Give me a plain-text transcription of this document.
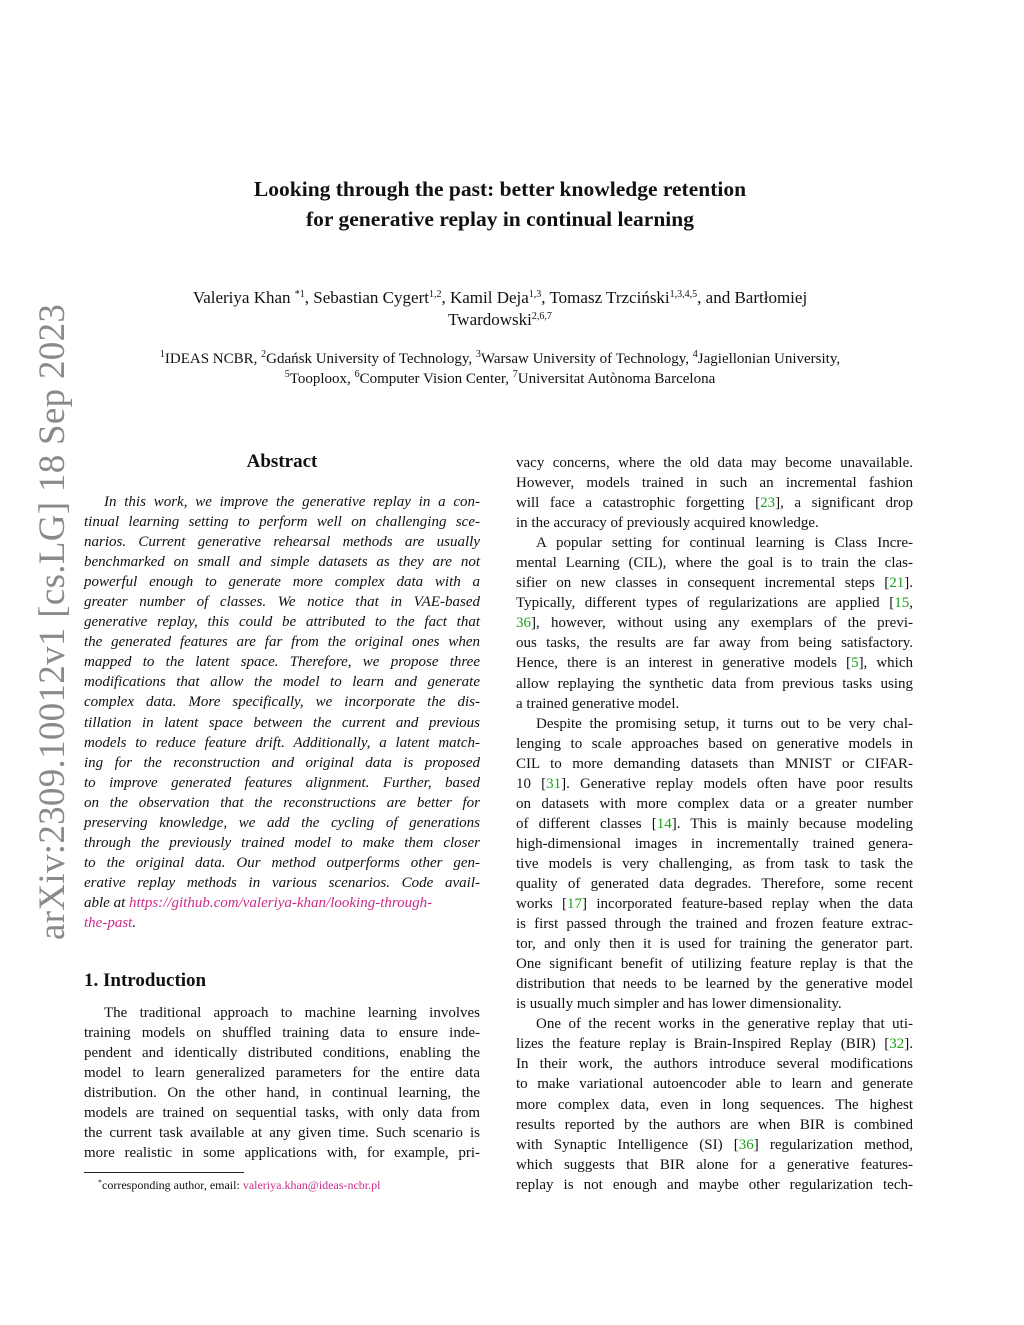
Looking through the past: better knowledge retention
for generative replay in continual learning
Valeriya Khan $^{*1}$, Sebastian Cygert$^{1,2}$, Kamil Deja$^{1,3}$, Tomasz Trzciński$^{1,3,4,5}$, and Bartłomiej
Twardowski$^{2,6,7}$
$^1$IDEAS NCBR, $^2$Gdańsk University of Technology, $^3$Warsaw University of Technology, $^4$Jagiellonian University,
$^5$Tooploox, $^6$Computer Vision Center, $^7$Universitat Autònoma Barcelona
arXiv:2309.10012v1 [cs.LG] 18 Sep 2023	Abstract
In this work, we improve the generative replay in a con-
tinual learning setting to perform well on challenging sce-
narios. Current generative rehearsal methods are usually
benchmarked on small and simple datasets as they are not
powerful enough to generate more complex data with a
greater number of classes. We notice that in VAE-based
generative replay, this could be attributed to the fact that
the generated features are far from the original ones when
mapped to the latent space. Therefore, we propose three
modifications that allow the model to learn and generate
complex data. More specifically, we incorporate the dis-
tillation in latent space between the current and previous
models to reduce feature drift. Additionally, a latent match-
ing for the reconstruction and original data is proposed
to improve generated features alignment. Further, based
on the observation that the reconstructions are better for
preserving knowledge, we add the cycling of generations
through the previously trained model to make them closer
to the original data. Our method outperforms other gen-
erative replay methods in various scenarios. Code avail-
able at https://github.com/valeriya-khan/looking-through-
the-past.
1. Introduction
The traditional approach to machine learning involves
training models on shuffled training data to ensure inde-
pendent and identically distributed conditions, enabling the
model to learn generalized parameters for the entire data
distribution. On the other hand, in continual learning, the
models are trained on sequential tasks, with only data from
the current task available at any given time. Such scenario is
more realistic in some applications with, for example, pri-
*corresponding author, email: valeriya.khan@ideas-ncbr.pl
vacy concerns, where the old data may become unavailable.
However, models trained in such an incremental fashion
will face a catastrophic forgetting [23], a significant drop
in the accuracy of previously acquired knowledge.
A popular setting for continual learning is Class Incre-
mental Learning (CIL), where the goal is to train the clas-
sifier on new classes in consequent incremental steps [21].
Typically, different types of regularizations are applied [15,
36], however, without using any exemplars of the previ-
ous tasks, the results are far away from being satisfactory.
Hence, there is an interest in generative models [5], which
allow replaying the synthetic data from previous tasks using
a trained generative model.
Despite the promising setup, it turns out to be very chal-
lenging to scale approaches based on generative models in
CIL to more demanding datasets than MNIST or CIFAR-
10 [31]. Generative replay models often have poor results
on datasets with more complex data or a greater number
of different classes [14]. This is mainly because modeling
high-dimensional images in incrementally trained genera-
tive models is very challenging, as from task to task the
quality of generated data degrades. Therefore, some recent
works [17] incorporated feature-based replay when the data
is first passed through the trained and frozen feature extrac-
tor, and only then it is used for training the generator part.
One significant benefit of utilizing feature replay is that the
distribution that needs to be learned by the generative model
is usually much simpler and has lower dimensionality.
One of the recent works in the generative replay that uti-
lizes the feature replay is Brain-Inspired Replay (BIR) [32].
In their work, the authors introduce several modifications
to make variational autoencoder able to learn and generate
more complex data, even in long sequences. The highest
results reported by the authors are when BIR is combined
with Synaptic Intelligence (SI) [36] regularization method,
which suggests that BIR alone for a generative features-
replay is not enough and maybe other regularization tech-
